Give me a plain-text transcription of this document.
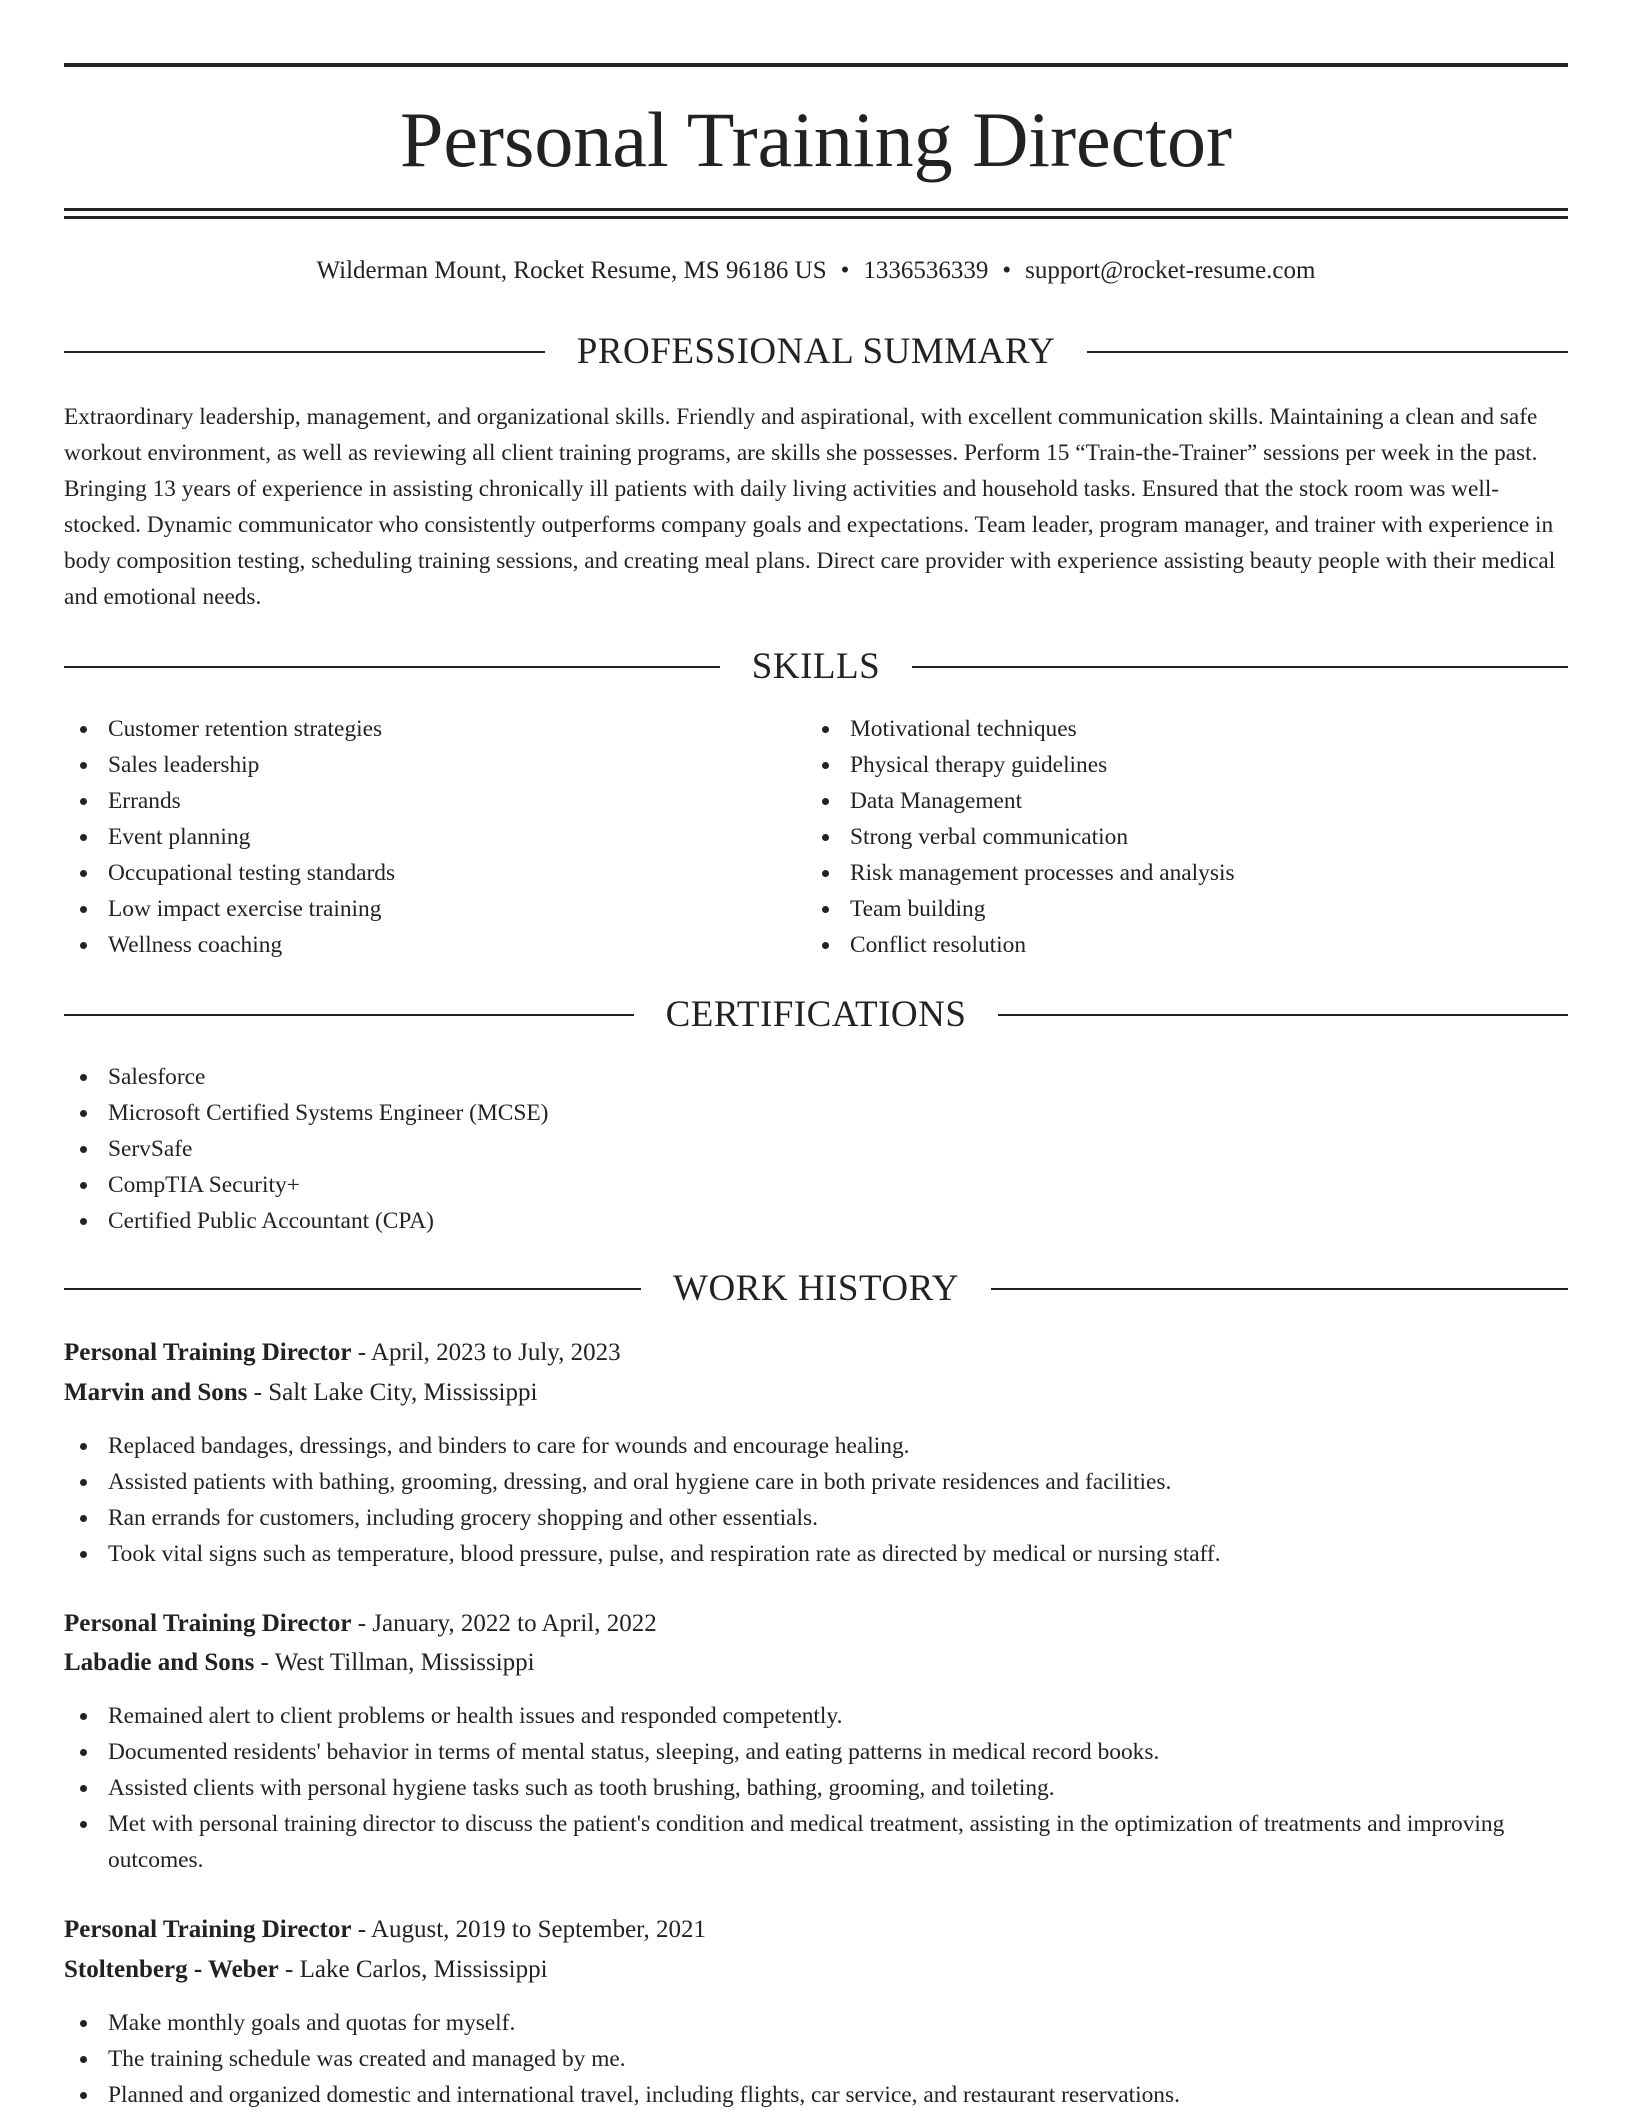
Personal Training Director
Wilderman Mount, Rocket Resume, MS 96186 US • 1336536339 • support@rocket-resume.com
PROFESSIONAL SUMMARY

Extraordinary leadership, management, and organizational skills. Friendly and aspirational, with excellent communication skills. Maintaining a clean and safe workout environment, as well as reviewing all client training programs, are skills she possesses. Perform 15 “Train-the-Trainer” sessions per week in the past. Bringing 13 years of experience in assisting chronically ill patients with daily living activities and household tasks. Ensured that the stock room was well-stocked. Dynamic communicator who consistently outperforms company goals and expectations. Team leader, program manager, and trainer with experience in body composition testing, scheduling training sessions, and creating meal plans. Direct care provider with experience assisting beauty people with their medical and emotional needs.

SKILLS
Customer retention strategies
Sales leadership
Errands
Event planning
Occupational testing standards
Low impact exercise training
Wellness coaching
Motivational techniques
Physical therapy guidelines
Data Management
Strong verbal communication
Risk management processes and analysis
Team building
Conflict resolution
CERTIFICATIONS
Salesforce
Microsoft Certified Systems Engineer (MCSE)
ServSafe
CompTIA Security+
Certified Public Accountant (CPA)
WORK HISTORY
Personal Training Director - April, 2023 to July, 2023
Marvin and Sons - Salt Lake City, Mississippi
Replaced bandages, dressings, and binders to care for wounds and encourage healing.
Assisted patients with bathing, grooming, dressing, and oral hygiene care in both private residences and facilities.
Ran errands for customers, including grocery shopping and other essentials.
Took vital signs such as temperature, blood pressure, pulse, and respiration rate as directed by medical or nursing staff.
Personal Training Director - January, 2022 to April, 2022
Labadie and Sons - West Tillman, Mississippi
Remained alert to client problems or health issues and responded competently.
Documented residents' behavior in terms of mental status, sleeping, and eating patterns in medical record books.
Assisted clients with personal hygiene tasks such as tooth brushing, bathing, grooming, and toileting.
Met with personal training director to discuss the patient's condition and medical treatment, assisting in the optimization of treatments and improving outcomes.
Personal Training Director - August, 2019 to September, 2021
Stoltenberg - Weber - Lake Carlos, Mississippi
Make monthly goals and quotas for myself.
The training schedule was created and managed by me.
Planned and organized domestic and international travel, including flights, car service, and restaurant reservations.
